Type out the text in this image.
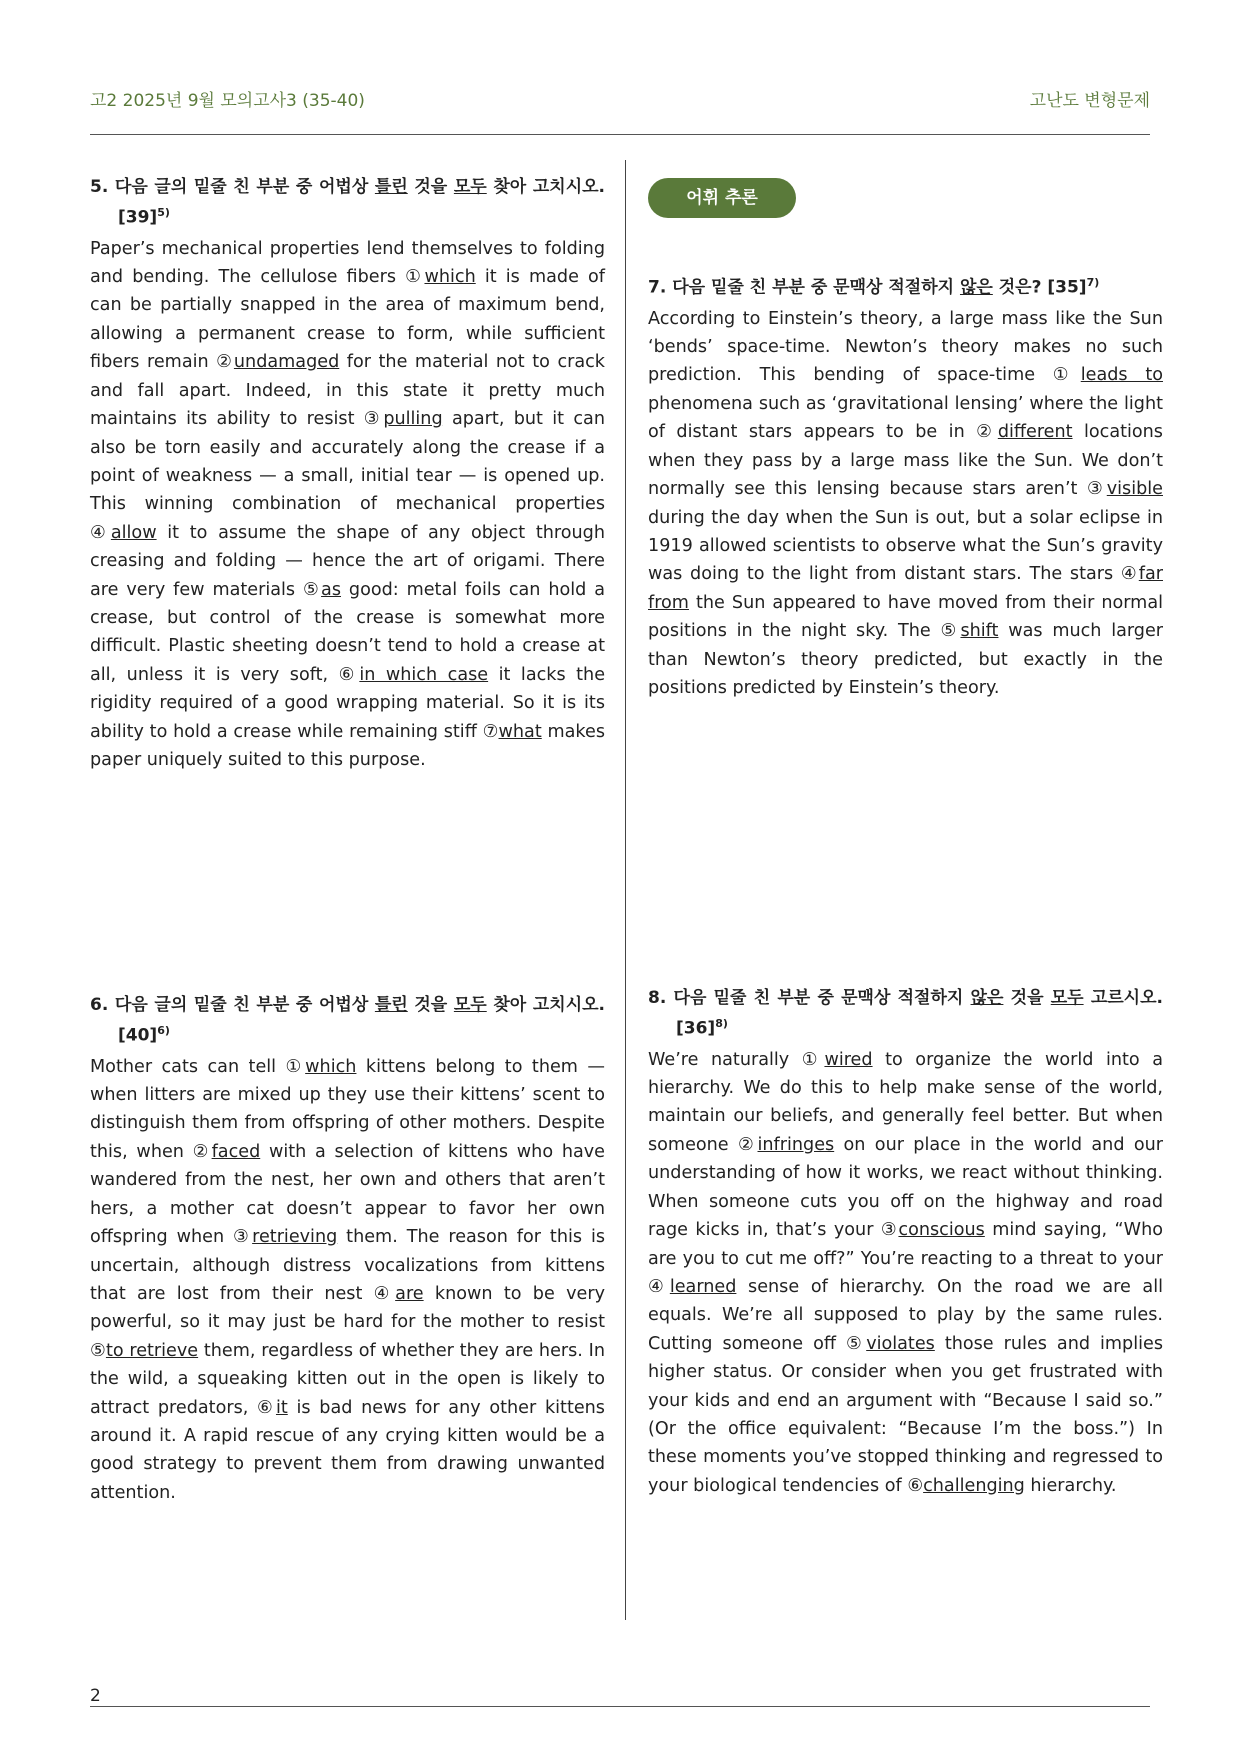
고2 2025년 9월 모의고사3 (35-40)	고난도 변형문제
5. 다음 글의 밑줄 친 부분 중 어법상 틀린 것을 모두 찾아 고치시오. $[39]^{5)}$

Paper’s mechanical properties lend themselves to folding and bending. The cellulose fibers ①which it is made of can be partially snapped in the area of maximum bend, allowing a permanent crease to form, while sufficient fibers remain ②undamaged for the material not to crack and fall apart. Indeed, in this state it pretty much maintains its ability to resist ③pulling apart, but it can also be torn easily and accurately along the crease if a point of weakness — a small, initial tear — is opened up. This winning combination of mechanical properties ④allow it to assume the shape of any object through creasing and folding — hence the art of origami. There are very few materials ⑤as good: metal foils can hold a crease, but control of the crease is somewhat more difficult. Plastic sheeting doesn’t tend to hold a crease at all, unless it is very soft, ⑥in which case it lacks the rigidity required of a good wrapping material. So it is its ability to hold a crease while remaining stiff ⑦what makes paper uniquely suited to this purpose.

6. 다음 글의 밑줄 친 부분 중 어법상 틀린 것을 모두 찾아 고치시오. $[40]^{6)}$

Mother cats can tell ①which kittens belong to them — when litters are mixed up they use their kittens’ scent to distinguish them from offspring of other mothers. Despite this, when ②faced with a selection of kittens who have wandered from the nest, her own and others that aren’t hers, a mother cat doesn’t appear to favor her own offspring when ③retrieving them. The reason for this is uncertain, although distress vocalizations from kittens that are lost from their nest ④are known to be very powerful, so it may just be hard for the mother to resist ⑤to retrieve them, regardless of whether they are hers. In the wild, a squeaking kitten out in the open is likely to attract predators, ⑥it is bad news for any other kittens around it. A rapid rescue of any crying kitten would be a good strategy to prevent them from drawing unwanted attention.

어휘 추론
7. 다음 밑줄 친 부분 중 문맥상 적절하지 않은 것은? $[35]^{7)}$

According to Einstein’s theory, a large mass like the Sun ‘bends’ space‑time. Newton’s theory makes no such prediction. This bending of space‑time ①leads to phenomena such as ‘gravitational lensing’ where the light of distant stars appears to be in ②different locations when they pass by a large mass like the Sun. We don’t normally see this lensing because stars aren’t ③visible during the day when the Sun is out, but a solar eclipse in 1919 allowed scientists to observe what the Sun’s gravity was doing to the light from distant stars. The stars ④far from the Sun appeared to have moved from their normal positions in the night sky. The ⑤shift was much larger than Newton’s theory predicted, but exactly in the positions predicted by Einstein’s theory.

8. 다음 밑줄 친 부분 중 문맥상 적절하지 않은 것을 모두 고르시오. $[36]^{8)}$

We’re naturally ①wired to organize the world into a hierarchy. We do this to help make sense of the world, maintain our beliefs, and generally feel better. But when someone ②infringes on our place in the world and our understanding of how it works, we react without thinking. When someone cuts you off on the highway and road rage kicks in, that’s your ③conscious mind saying, “Who are you to cut me off?” You’re reacting to a threat to your ④learned sense of hierarchy. On the road we are all equals. We’re all supposed to play by the same rules. Cutting someone off ⑤violates those rules and implies higher status. Or consider when you get frustrated with your kids and end an argument with “Because I said so.” (Or the office equivalent: “Because I’m the boss.”) In these moments you’ve stopped thinking and regressed to your biological tendencies of ⑥challenging hierarchy.

2
